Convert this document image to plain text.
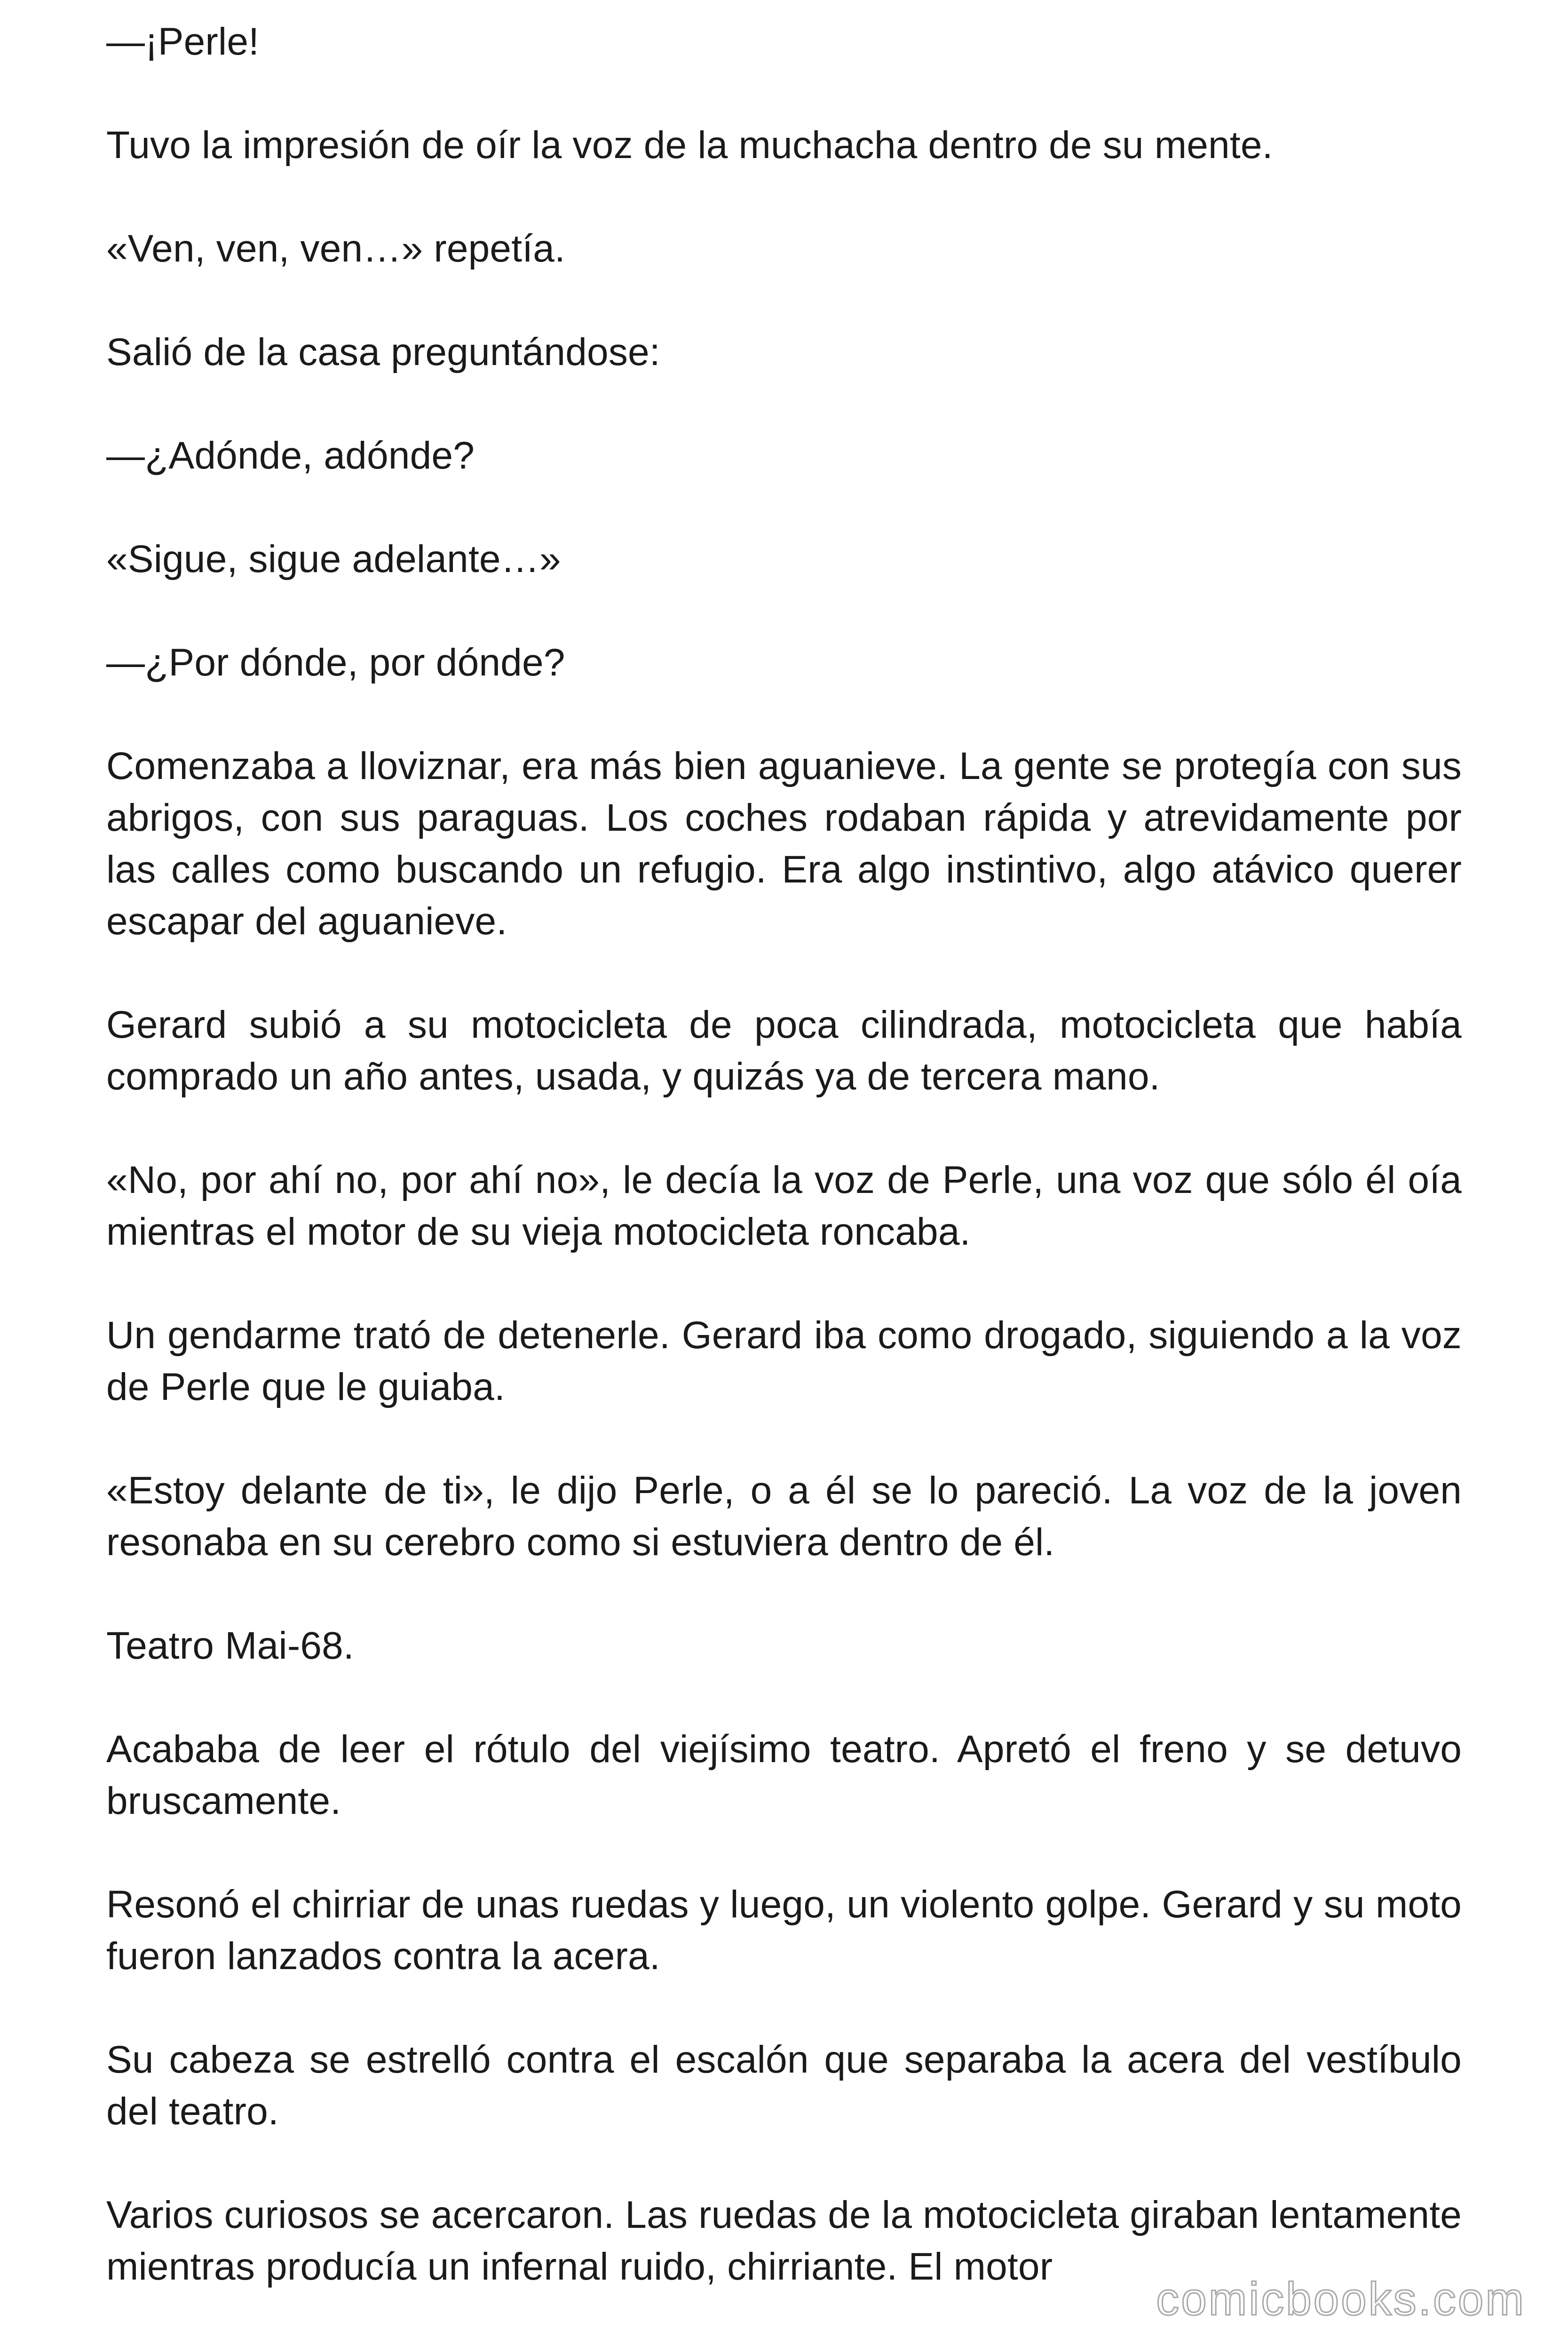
—¡Perle!

Tuvo la impresión de oír la voz de la muchacha dentro de su mente.

«Ven, ven, ven…» repetía.

Salió de la casa preguntándose:

—¿Adónde, adónde?

«Sigue, sigue adelante…»

—¿Por dónde, por dónde?

Comenzaba a lloviznar, era más bien aguanieve. La gente se protegía con sus abrigos, con sus paraguas. Los coches rodaban rápida y atrevidamente por las calles como buscando un refugio. Era algo instintivo, algo atávico querer escapar del aguanieve.

Gerard subió a su motocicleta de poca cilindrada, motocicleta que había comprado un año antes, usada, y quizás ya de tercera mano.

«No, por ahí no, por ahí no», le decía la voz de Perle, una voz que sólo él oía mientras el motor de su vieja motocicleta roncaba.

Un gendarme trató de detenerle. Gerard iba como drogado, siguiendo a la voz de Perle que le guiaba.

«Estoy delante de ti», le dijo Perle, o a él se lo pareció. La voz de la joven resonaba en su cerebro como si estuviera dentro de él.

Teatro Mai-68.

Acababa de leer el rótulo del viejísimo teatro. Apretó el freno y se detuvo bruscamente.

Resonó el chirriar de unas ruedas y luego, un violento golpe. Gerard y su moto fueron lanzados contra la acera.

Su cabeza se estrelló contra el escalón que separaba la acera del vestíbulo del teatro.

Varios curiosos se acercaron. Las ruedas de la motocicleta giraban lentamente mientras producía un infernal ruido, chirriante. El motor

comicbooks.com
